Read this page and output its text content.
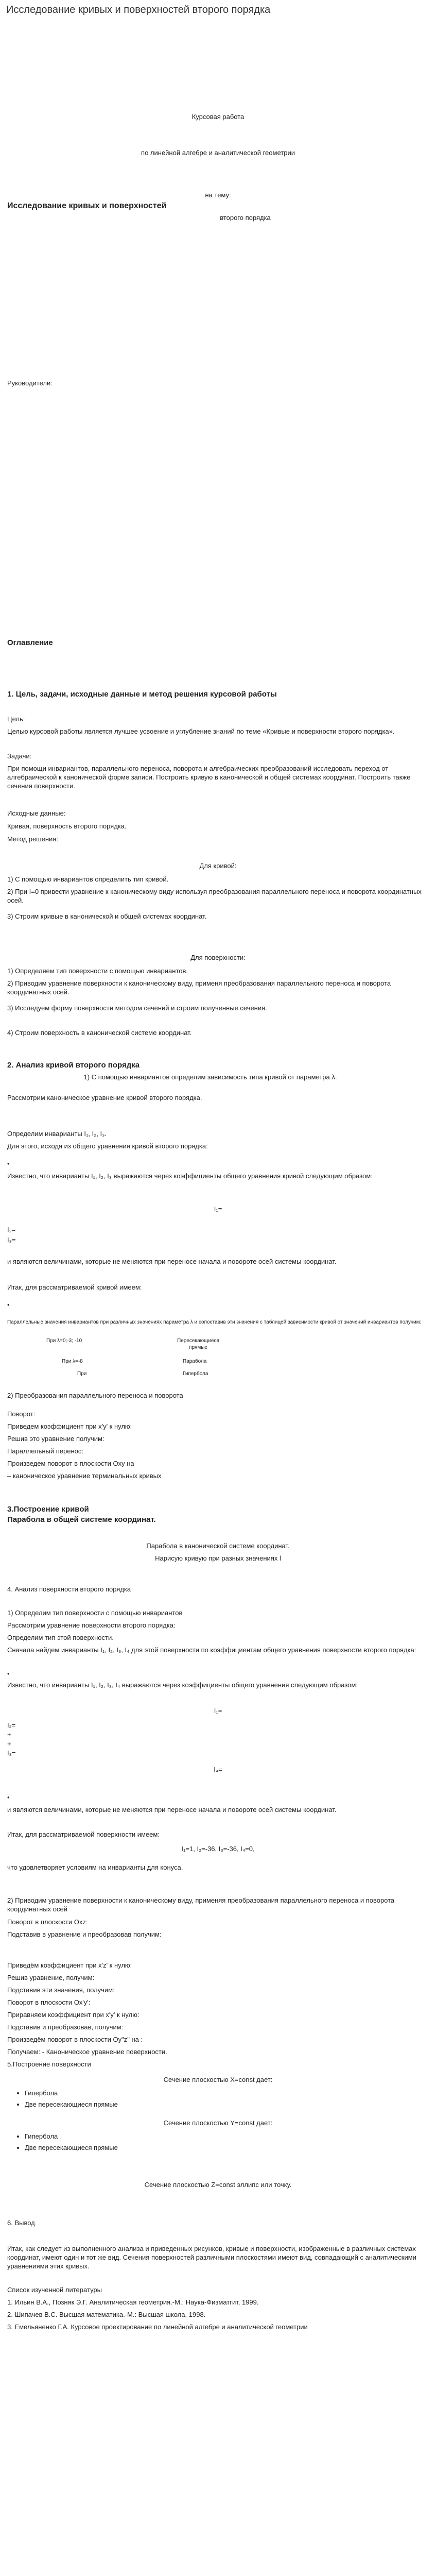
Исследование кривых и поверхностей второго порядка
Курсовая работа
по линейной алгебре и аналитической геометрии
на тему:
Исследование кривых и поверхностей
второго порядка
Руководители:
Оглавление
1. Цель, задачи, исходные данные и метод решения курсовой работы
Цель:
Целью курсовой работы является лучшее усвоение и углубление знаний по теме «Кривые и поверхности второго порядка».
Задачи:
При помощи инвариантов, параллельного переноса, поворота и алгебраических преобразований исследовать переход от алгебраической к канонической форме записи. Построить кривую в канонической и общей системах координат. Построить также сечения поверхности.
Исходные данные:
Кривая, поверхность второго порядка.
Метод решения:
Для кривой:
1) С помощью инвариантов определить тип кривой.
2) При I=0 привести уравнение к каноническому виду используя преобразования параллельного переноса и поворота координатных осей.
3) Строим кривые в канонической и общей системах координат.
Для поверхности:
1) Определяем тип поверхности с помощью инвариантов.
2) Приводим уравнение поверхности к каноническому виду, применя преобразования параллельного переноса и поворота координатных осей.
3) Исследуем форму поверхности методом сечений и строим полученные сечения.
4) Строим поверхность в канонической системе координат.
2. Анализ кривой второго порядка
1) С помощью инвариантов определим зависимость типа кривой от параметра λ.
Рассмотрим каноническое уравнение кривой второго порядка.
Определим инварианты I₁, I₂, I₃.
Для этого, исходя из общего уравнения кривой второго порядка:
•
Известно, что инварианты I₁, I₂, I₃ выражаются через коэффициенты общего уравнения кривой следующим образом:
I₁=
I₂=
I₃=
и являются величинами, которые не меняются при переносе начала и повороте осей системы координат.
Итак, для рассматриваемой кривой имеем:
•
Параллельные значения инвариантов при различных значениях параметра λ и сопоставив эти значения с таблицей зависимости кривой от значений инвариантов получим:
При λ=0;-3; -10	Пересекающиеся прямые
При λ=-8	Парабола
При	Гипербола
2) Преобразования параллельного переноса и поворота
Поворот:
Приведем коэффициент при x'y' к нулю:
Решив это уравнение получим:
Параллельный перенос:
Произведем поворот в плоскости Oxy на
– каноническое уравнение терминальных кривых
3.Построение кривой
Парабола в общей системе координат.
Парабола в канонической системе координат.
Нарисую кривую при разных значениях l
4. Анализ поверхности второго порядка
1) Определим тип поверхности с помощью инвариантов
Рассмотрим уравнение поверхности второго порядка:
Определим тип этой поверхности.
Сначала найдем инварианты I₁, I₂, I₃, I₄ для этой поверхности по коэффициентам общего уравнения поверхности второго порядка:
•
Известно, что инварианты I₁, I₂, I₃, I₄ выражаются через коэффициенты общего уравнения следующим образом:
I₁=
I₂=
+
+
I₃=
I₄=
•
и являются величинами, которые не меняются при переносе начала и повороте осей системы координат.
Итак, для рассматриваемой поверхности имеем:
I₁=1, I₂=-36, I₃=-36, I₄=0,
что удовлетворяет условиям на инварианты для конуса.
2) Приводим уравнение поверхности к каноническому виду, применяя преобразования параллельного переноса и поворота координатных осей
Поворот в плоскости Oxz:
Подставив в уравнение и преобразовав получим:
Приведём коэффициент при x'z' к нулю:
Решив уравнение, получим:
Подставив эти значения, получим:
Поворот в плоскости Ox'y':
Приравняем коэффициент при x'y' к нулю:
Подставив и преобразовав, получим:
Произведём поворот в плоскости Oy"z" на :
Получаем: - Каноническое уравнение поверхности.
5.Построение поверхности
Сечение плоскостью X=const дает:
• Гипербола
• Две пересекающиеся прямые
Сечение плоскостью Y=const дает:
• Гипербола
• Две пересекающиеся прямые
Сечение плоскостью Z=const эллипс или точку.
6. Вывод
Итак, как следует из выполненного анализа и приведенных рисунков, кривые и поверхности, изображенные в различных системах координат, имеют один и тот же вид. Сечения поверхностей различными плоскостями имеют вид, совпадающий с аналитическими уравнениями этих кривых.
Список изученной литературы
1. Ильин В.А., Позняк Э.Г. Аналитическая геометрия.-М.: Наука-Физматгит, 1999.
2. Шипачев В.С. Высшая математика.-М.: Высшая школа, 1998.
3. Емельяненко Г.А. Курсовое проектирование по линейной алгебре и аналитической геометрии
